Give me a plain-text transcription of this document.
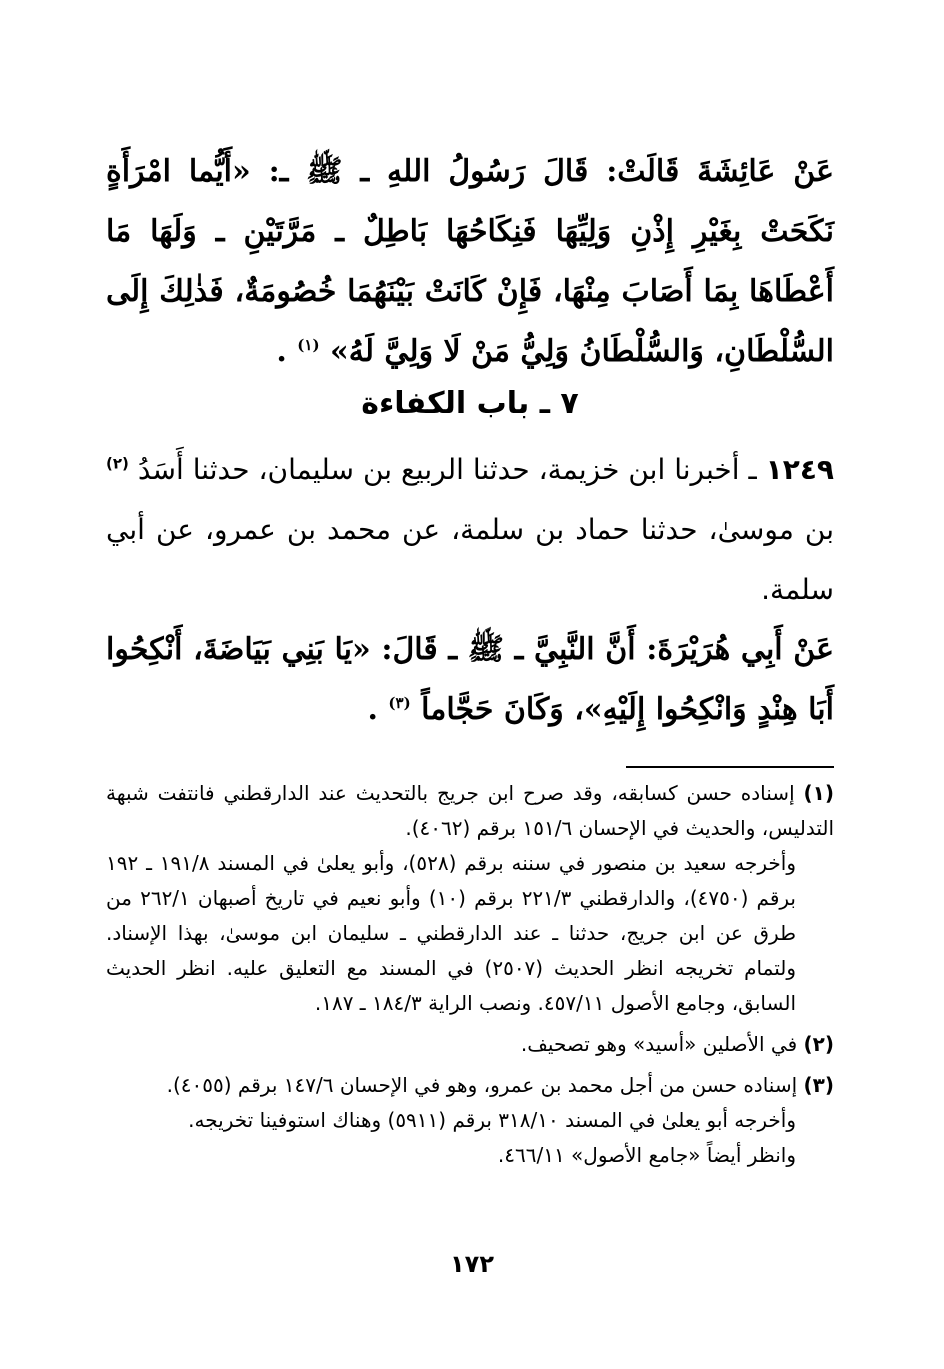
عَنْ عَائِشَةَ قَالَتْ: قَالَ رَسُولُ اللهِ ـ ﷺ ـ: «أَيُّما امْرَأَةٍ نَكَحَتْ بِغَيْرِ إِذْنِ وَلِيِّهَا فَنِكَاحُهَا بَاطِلٌ ـ مَرَّتَيْنِ ـ وَلَهَا مَا أَعْطَاهَا بِمَا أَصَابَ مِنْهَا، فَإِنْ كَانَتْ بَيْنَهُمَا خُصُومَةٌ، فَذٰلِكَ إِلَى السُّلْطَانِ، وَالسُّلْطَانُ وَلِيُّ مَنْ لَا وَلِيَّ لَهُ» $^{(١)}$ .

٧ ـ باب الكفاءة
١٢٤٩ ـ أخبرنا ابن خزيمة، حدثنا الربيع بن سليمان، حدثنا أَسَدُ $^{(٢)}$ بن موسىٰ، حدثنا حماد بن سلمة، عن محمد بن عمرو، عن أبي سلمة.
عَنْ أَبِي هُرَيْرَةَ: أَنَّ النَّبِيَّ ـ ﷺ ـ قَالَ: «يَا بَنِي بَيَاضَةَ، أَنْكِحُوا أَبَا هِنْدٍ وَانْكِحُوا إِلَيْهِ»، وَكَانَ حَجَّاماً $^{(٣)}$ .

(١) إسناده حسن كسابقه، وقد صرح ابن جريج بالتحديث عند الدارقطني فانتفت شبهة التدليس، والحديث في الإحسان ١٥١/٦ برقم (٤٠٦٢).

وأخرجه سعيد بن منصور في سننه برقم (٥٢٨)، وأبو يعلىٰ في المسند ١٩١/٨ ـ ١٩٢ برقم (٤٧٥٠)، والدارقطني ٢٢١/٣ برقم (١٠) وأبو نعيم في تاريخ أصبهان ٢٦٢/١ من طرق عن ابن جريج، حدثنا ـ عند الدارقطني ـ سليمان ابن موسىٰ، بهذا الإسناد. ولتمام تخريجه انظر الحديث (٢٥٠٧) في المسند مع التعليق عليه. انظر الحديث السابق، وجامع الأصول ٤٥٧/١١. ونصب الراية ١٨٤/٣ ـ ١٨٧.

(٢) في الأصلين «أسيد» وهو تصحيف.

(٣) إسناده حسن من أجل محمد بن عمرو، وهو في الإحسان ١٤٧/٦ برقم (٤٠٥٥).

وأخرجه أبو يعلىٰ في المسند ٣١٨/١٠ برقم (٥٩١١) وهناك استوفينا تخريجه.

وانظر أيضاً «جامع الأصول» ٤٦٦/١١.

١٧٢
